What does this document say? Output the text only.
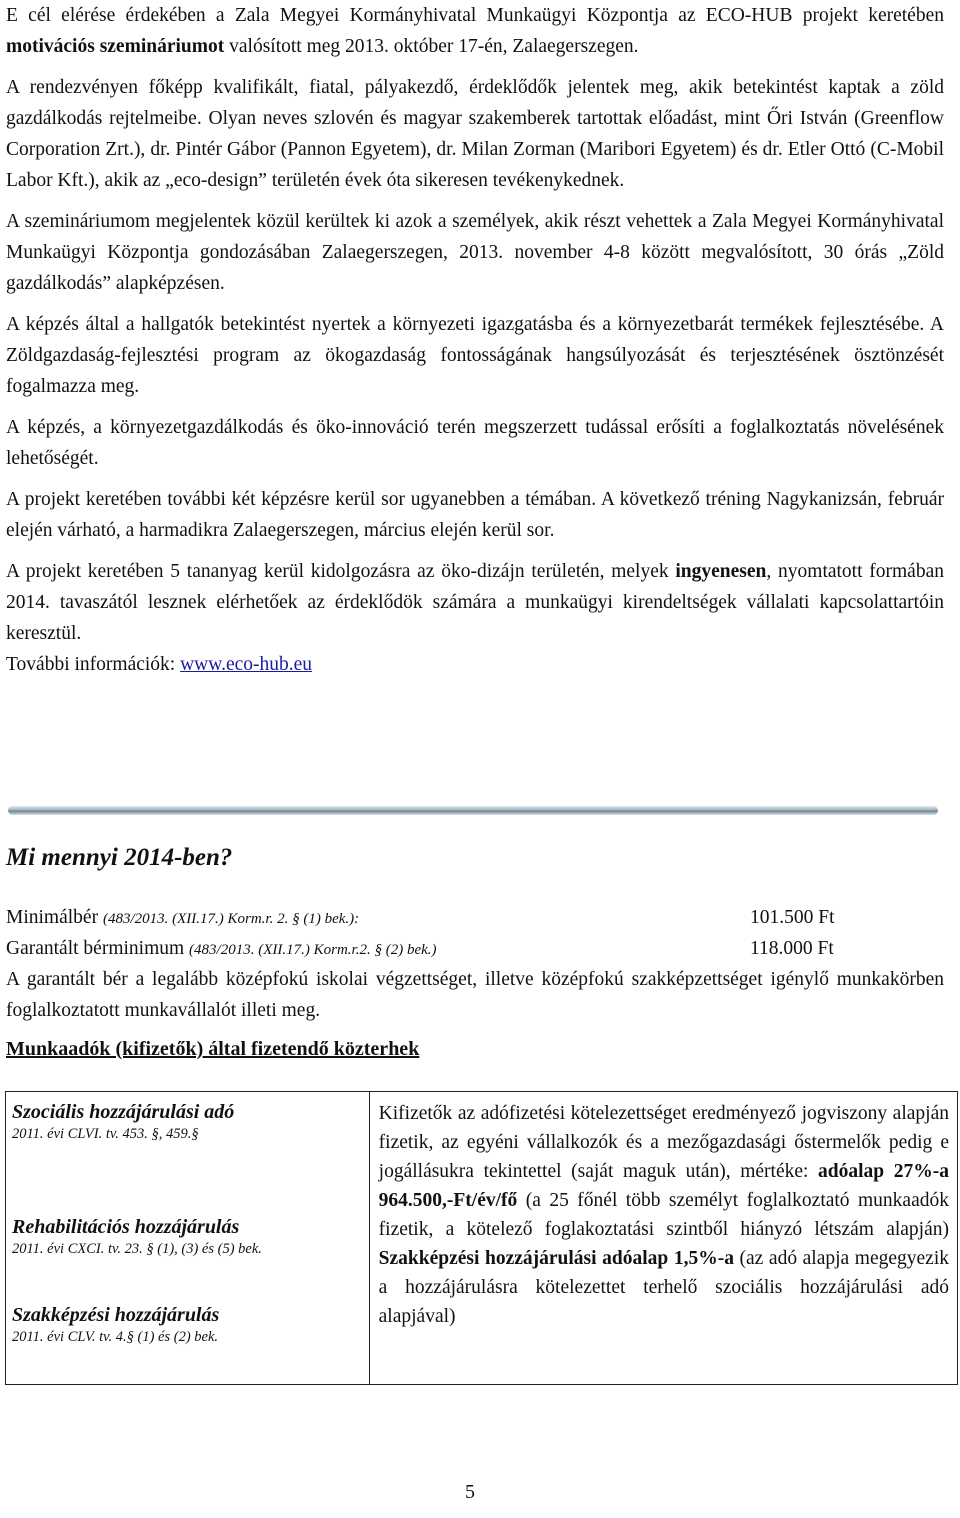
E cél elérése érdekében a Zala Megyei Kormányhivatal Munkaügyi Központja az ECO-HUB projekt keretében motivációs szemináriumot valósított meg 2013. október 17-én, Zalaegerszegen.

A rendezvényen főképp kvalifikált, fiatal, pályakezdő, érdeklődők jelentek meg, akik betekintést kaptak a zöld gazdálkodás rejtelmeibe. Olyan neves szlovén és magyar szakemberek tartottak előadást, mint Őri István (Greenflow Corporation Zrt.), dr. Pintér Gábor (Pannon Egyetem), dr. Milan Zorman (Maribori Egyetem) és dr. Etler Ottó (C-Mobil Labor Kft.), akik az „eco-design” területén évek óta sikeresen tevékenykednek.

A szemináriumom megjelentek közül kerültek ki azok a személyek, akik részt vehettek a Zala Megyei Kormányhivatal Munkaügyi Központja gondozásában Zalaegerszegen, 2013. november 4-8 között megvalósított, 30 órás „Zöld gazdálkodás” alapképzésen.

A képzés által a hallgatók betekintést nyertek a környezeti igazgatásba és a környezetbarát termékek fejlesztésébe. A Zöldgazdaság-fejlesztési program az ökogazdaság fontosságának hangsúlyozását és terjesztésének ösztönzését fogalmazza meg.

A képzés, a környezetgazdálkodás és öko-innováció terén megszerzett tudással erősíti a foglalkoztatás növelésének lehetőségét.

A projekt keretében további két képzésre kerül sor ugyanebben a témában. A következő tréning Nagykanizsán, február elején várható, a harmadikra Zalaegerszegen, március elején kerül sor.

A projekt keretében 5 tananyag kerül kidolgozásra az öko-dizájn területén, melyek ingyenesen, nyomtatott formában 2014. tavaszától lesznek elérhetőek az érdeklődök számára a munkaügyi kirendeltségek vállalati kapcsolattartóin keresztül.

További információk: www.eco-hub.eu

Mi mennyi 2014-ben?
Minimálbér (483/2013. (XII.17.) Korm.r. 2. § (1) bek.):	101.500 Ft
Garantált bérminimum (483/2013. (XII.17.) Korm.r.2. § (2) bek.)	118.000 Ft

A garantált bér a legalább középfokú iskolai végzettséget, illetve középfokú szakképzettséget igénylő munkakörben foglalkoztatott munkavállalót illeti meg.

Munkaadók (kifizetők) által fizetendő közterhek
Szociális hozzájárulási adó
2011. évi CLVI. tv. 453. §, 459.§
Rehabilitációs hozzájárulás
2011. évi CXCI. tv. 23. § (1), (3) és (5) bek.
Szakképzési hozzájárulás
2011. évi CLV. tv. 4.§ (1) és (2) bek.

Kifizetők az adófizetési kötelezettséget eredményező jogviszony alapján fizetik, az egyéni vállalkozók és a mezőgazdasági őstermelők pedig e jogállásukra tekintettel (saját maguk után), mértéke: adóalap 27%-a 964.500,-Ft/év/fő (a 25 főnél több személyt foglalkoztató munkaadók fizetik, a kötelező foglakoztatási szintből hiányzó létszám alapján) Szakképzési hozzájárulási adóalap 1,5%-a (az adó alapja megegyezik a hozzájárulásra kötelezettet terhelő szociális hozzájárulási adó alapjával)
5
